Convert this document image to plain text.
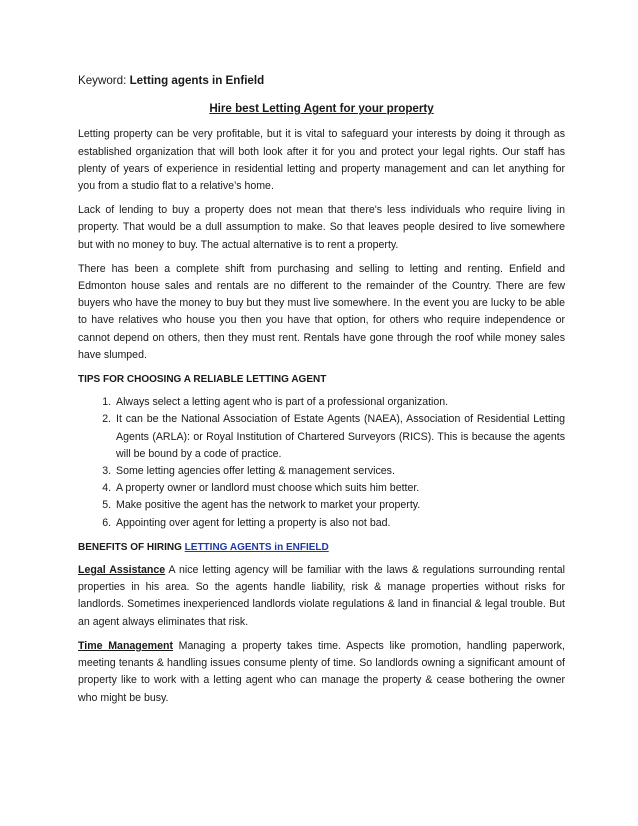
Keyword: Letting agents in Enfield
Hire best Letting Agent for your property

Letting property can be very profitable, but it is vital to safeguard your interests by doing it through as established organization that will both look after it for you and protect your legal rights. Our staff has plenty of years of experience in residential letting and property management and can let anything for you from a studio flat to a relative’s home.

Lack of lending to buy a property does not mean that there's less individuals who require living in property. That would be a dull assumption to make. So that leaves people desired to live somewhere but with no money to buy. The actual alternative is to rent a property.

There has been a complete shift from purchasing and selling to letting and renting. Enfield and Edmonton house sales and rentals are no different to the remainder of the Country. There are few buyers who have the money to buy but they must live somewhere. In the event you are lucky to be able to have relatives who house you then you have that option, for others who require independence or cannot depend on others, then they must rent. Rentals have gone through the roof while money sales have slumped.

TIPS FOR CHOOSING A RELIABLE LETTING AGENT
1. Always select a letting agent who is part of a professional organization.
2. It can be the National Association of Estate Agents (NAEA), Association of Residential Letting Agents (ARLA): or Royal Institution of Chartered Surveyors (RICS). This is because the agents will be bound by a code of practice.
3. Some letting agencies offer letting & management services.
4. A property owner or landlord must choose which suits him better.
5. Make positive the agent has the network to market your property.
6. Appointing over agent for letting a property is also not bad.
BENEFITS OF HIRING LETTING AGENTS in ENFIELD

Legal Assistance A nice letting agency will be familiar with the laws & regulations surrounding rental properties in his area. So the agents handle liability, risk & manage properties without risks for landlords. Sometimes inexperienced landlords violate regulations & land in financial & legal trouble. But an agent always eliminates that risk.

Time Management Managing a property takes time. Aspects like promotion, handling paperwork, meeting tenants & handling issues consume plenty of time. So landlords owning a significant amount of property like to work with a letting agent who can manage the property & cease bothering the owner who might be busy.
